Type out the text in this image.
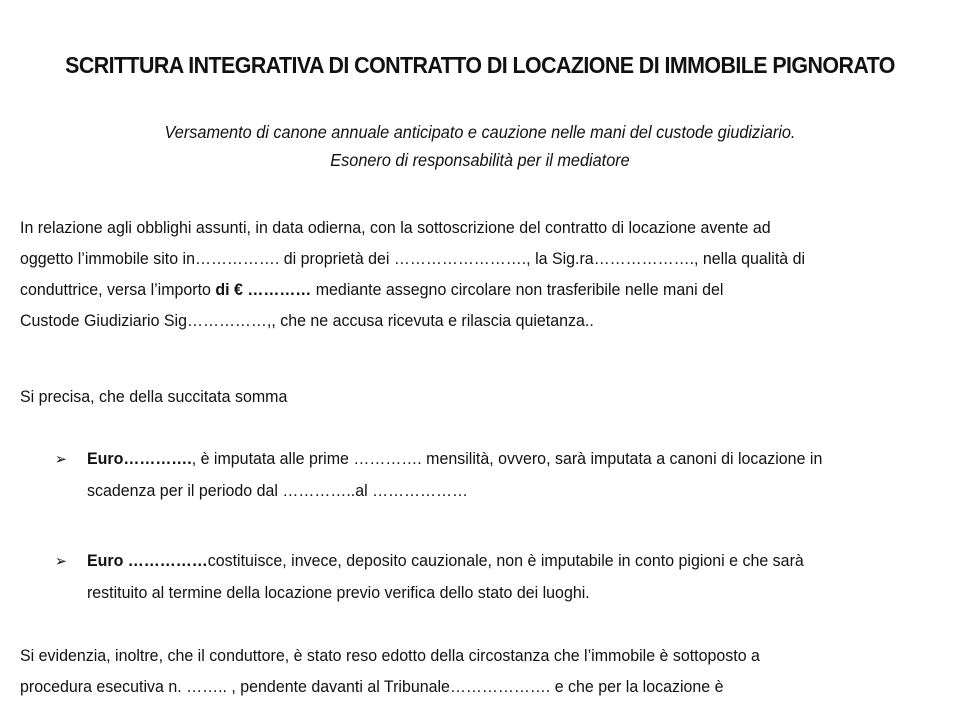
SCRITTURA INTEGRATIVA DI CONTRATTO DI LOCAZIONE DI IMMOBILE PIGNORATO
Versamento di canone annuale anticipato e cauzione nelle mani del custode giudiziario.
Esonero di responsabilità per il mediatore
In relazione agli obblighi assunti, in data odierna, con la sottoscrizione del contratto di locazione avente ad
oggetto l’immobile sito in……………. di proprietà dei ……………………., la Sig.ra………………., nella qualità di
conduttrice, versa l’importo di € ………… mediante assegno circolare non trasferibile nelle mani del
Custode Giudiziario Sig……………,, che ne accusa ricevuta e rilascia quietanza..
Si precisa, che della succitata somma
➢ Euro…………., è imputata alle prime …………. mensilità, ovvero, sarà imputata a canoni di locazione in
scadenza per il periodo dal …………..al ………………
➢ Euro ……………costituisce, invece, deposito cauzionale, non è imputabile in conto pigioni e che sarà
restituito al termine della locazione previo verifica dello stato dei luoghi.
Si evidenzia, inoltre, che il conduttore, è stato reso edotto della circostanza che l’immobile è sottoposto a
procedura esecutiva n. …….. , pendente davanti al Tribunale………………. e che per la locazione è
